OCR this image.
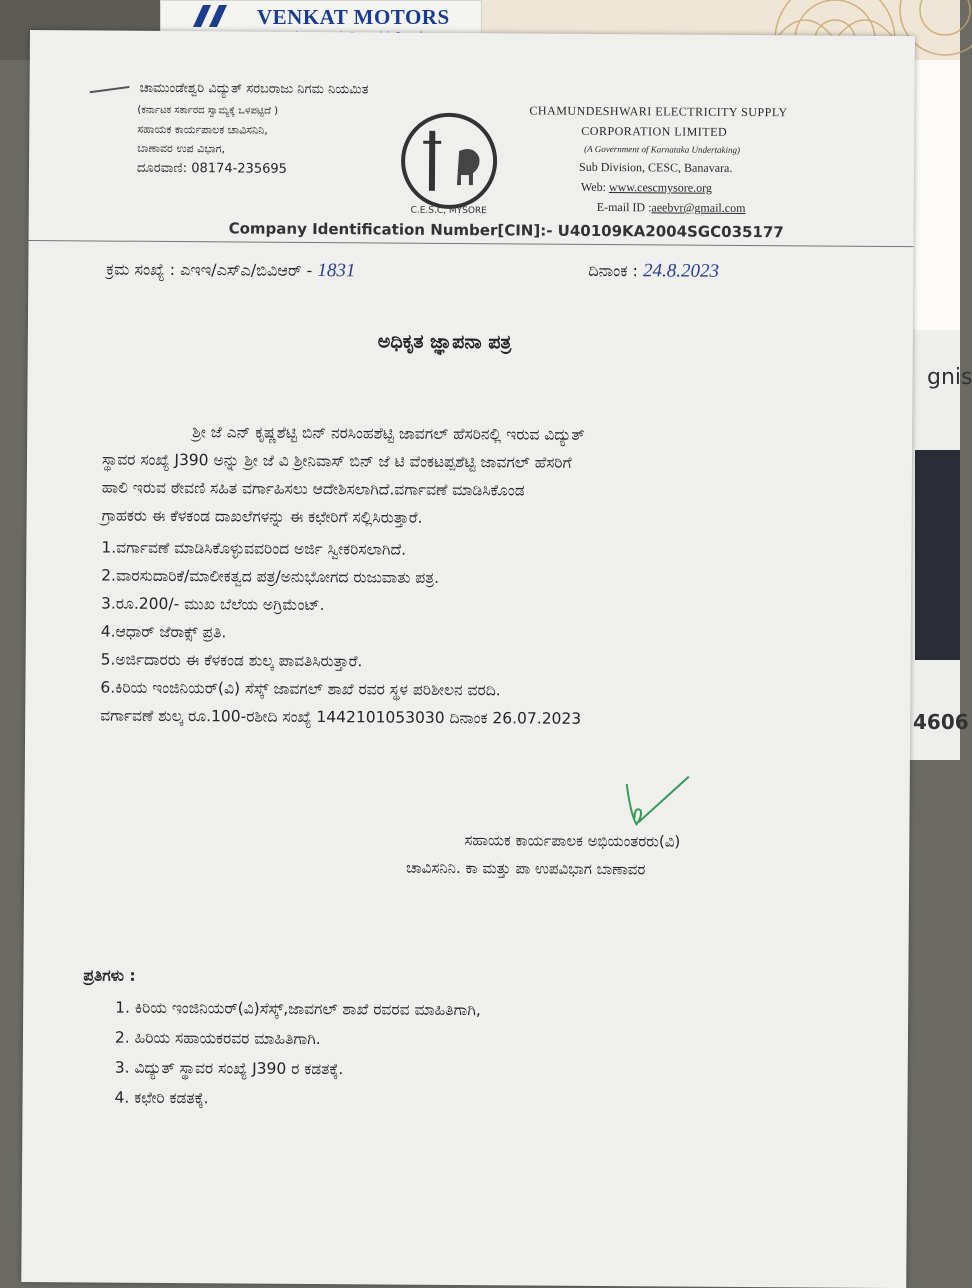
gnis
4606
VENKAT MOTORS
ಚಾಮುಂಡೇಶ್ವರಿ ವಿದ್ಯುತ್ ಸರಬರಾಜು ನಿಗಮ ನಿಯಮಿತ
(ಕರ್ನಾಟಕ ಸರ್ಕಾರದ ಸ್ವಾಮ್ಯಕ್ಕೆ ಒಳಪಟ್ಟಿದೆ )
ಸಹಾಯಕ ಕಾರ್ಯಪಾಲಕ ಚಾವಿಸನಿನಿ,
ಬಾಣಾವರ ಉಪ ವಿಭಾಗ,
ದೂರವಾಣಿ: 08174-235695
C.E.S.C, MYSORE
CHAMUNDESHWARI ELECTRICITY SUPPLY
CORPORATION LIMITED
(A Government of Karnataka Undertaking)
Sub Division, CESC, Banavara.
Web: www.cescmysore.org
E-mail ID :aeebvr@gmail.com
Company Identification Number[CIN]:- U40109KA2004SGC035177
ಕ್ರಮ ಸಂಖ್ಯೆ : ಎಇಇ/ಎಸ್‌ಎ/ಬಿವಿಆರ್ - 1831	ದಿನಾಂಕ : 24.8.2023
ಅಧಿಕೃತ ಜ್ಞಾಪನಾ ಪತ್ರ
ಶ್ರೀ ಜೆ ಎನ್ ಕೃಷ್ಣಶೆಟ್ಟಿ ಬಿನ್ ನರಸಿಂಹಶೆಟ್ಟಿ ಜಾವಗಲ್ ಹೆಸರಿನಲ್ಲಿ ಇರುವ ವಿದ್ಯುತ್
ಸ್ಥಾವರ ಸಂಖ್ಯೆ J390 ಅನ್ನು ಶ್ರೀ ಜೆ ವಿ ಶ್ರೀನಿವಾಸ್ ಬಿನ್ ಜೆ ಟಿ ವೆಂಕಟಪ್ಪಶೆಟ್ಟಿ ಜಾವಗಲ್ ಹೆಸರಿಗೆ
ಹಾಲಿ ಇರುವ ಠೇವಣಿ ಸಹಿತ ವರ್ಗಾಹಿಸಲು ಆದೇಶಿಸಲಾಗಿದೆ.ವರ್ಗಾವಣೆ ಮಾಡಿಸಿಕೊಂಡ
ಗ್ರಾಹಕರು ಈ ಕೆಳಕಂಡ ದಾಖಲೆಗಳನ್ನು ಈ ಕಛೇರಿಗೆ ಸಲ್ಲಿಸಿರುತ್ತಾರೆ.
1.ವರ್ಗಾವಣೆ ಮಾಡಿಸಿಕೊಳ್ಳುವವರಿಂದ ಅರ್ಜಿ ಸ್ವೀಕರಿಸಲಾಗಿದೆ.
2.ವಾರಸುದಾರಿಕೆ/ಮಾಲೀಕತ್ವದ ಪತ್ರ/ಅನುಭೋಗದ ರುಜುವಾತು ಪತ್ರ.
3.ರೂ.200/- ಮುಖ ಬೆಲೆಯ ಅಗ್ರಿಮೆಂಟ್.
4.ಆಧಾರ್ ಜೆರಾಕ್ಸ್ ಪ್ರತಿ.
5.ಅರ್ಜಿದಾರರು ಈ ಕೆಳಕಂಡ ಶುಲ್ಕ ಪಾವತಿಸಿರುತ್ತಾರೆ.
6.ಕಿರಿಯ ಇಂಜಿನಿಯರ್(ವಿ) ಸೆಸ್ಕ್ ಜಾವಗಲ್ ಶಾಖೆ ರವರ ಸ್ಥಳ ಪರಿಶೀಲನ ವರದಿ.
ವರ್ಗಾವಣೆ ಶುಲ್ಕ ರೂ.100-ರಶೀದಿ ಸಂಖ್ಯೆ 1442101053030 ದಿನಾಂಕ 26.07.2023
ಸಹಾಯಕ ಕಾರ್ಯಪಾಲಕ ಅಭಿಯಂತರರು(ವಿ)
ಚಾವಿಸನಿನಿ. ಕಾ ಮತ್ತು ಪಾ ಉಪವಿಭಾಗ ಬಾಣಾವರ
ಪ್ರತಿಗಳು :
1. ಕಿರಿಯ ಇಂಜಿನಿಯರ್(ವಿ)ಸೆಸ್ಕ್,ಜಾವಗಲ್ ಶಾಖೆ ರವರವ ಮಾಹಿತಿಗಾಗಿ,
2. ಹಿರಿಯ ಸಹಾಯಕರವರ ಮಾಹಿತಿಗಾಗಿ.
3. ವಿದ್ಯುತ್ ಸ್ಥಾವರ ಸಂಖ್ಯೆ J390 ರ ಕಡತಕ್ಕೆ.
4. ಕಛೇರಿ ಕಡತಕ್ಕೆ.
